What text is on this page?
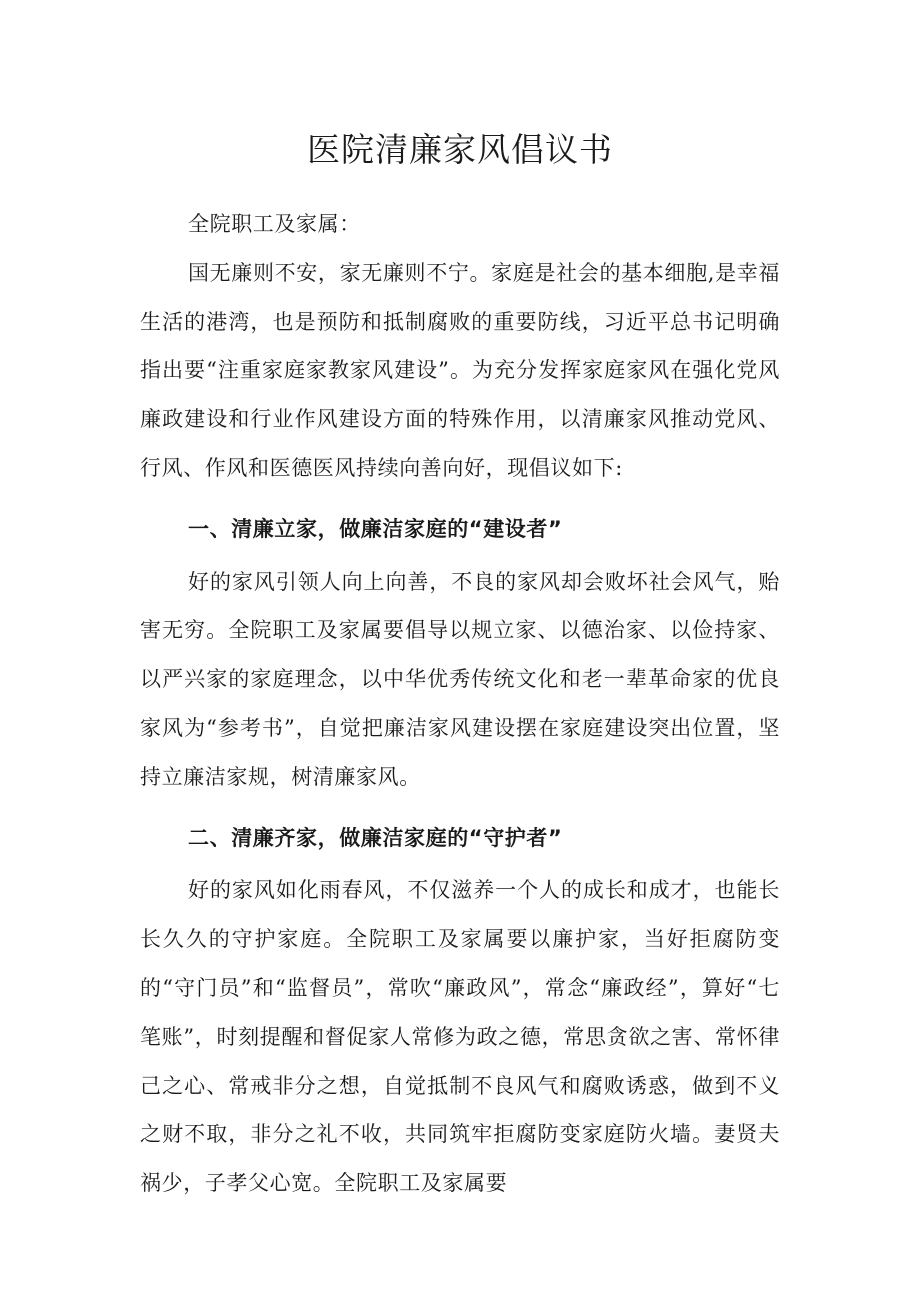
医院清廉家风倡议书

全院职工及家属：

国无廉则不安，家无廉则不宁。家庭是社会的基本细胞,是幸福生活的港湾，也是预防和抵制腐败的重要防线，习近平总书记明确指出要“注重家庭家教家风建设”。为充分发挥家庭家风在强化党风廉政建设和行业作风建设方面的特殊作用，以清廉家风推动党风、行风、作风和医德医风持续向善向好，现倡议如下:

一、清廉立家，做廉洁家庭的“建设者”

好的家风引领人向上向善，不良的家风却会败坏社会风气，贻害无穷。全院职工及家属要倡导以规立家、以德治家、以俭持家、以严兴家的家庭理念，以中华优秀传统文化和老一辈革命家的优良家风为“参考书”，自觉把廉洁家风建设摆在家庭建设突出位置，坚持立廉洁家规，树清廉家风。

二、清廉齐家，做廉洁家庭的“守护者”

好的家风如化雨春风，不仅滋养一个人的成长和成才，也能长长久久的守护家庭。全院职工及家属要以廉护家，当好拒腐防变的“守门员”和“监督员”，常吹“廉政风”，常念“廉政经”，算好“七笔账”，时刻提醒和督促家人常修为政之德，常思贪欲之害、常怀律己之心、常戒非分之想，自觉抵制不良风气和腐败诱惑，做到不义之财不取，非分之礼不收，共同筑牢拒腐防变家庭防火墙。妻贤夫祸少，子孝父心宽。全院职工及家属要
